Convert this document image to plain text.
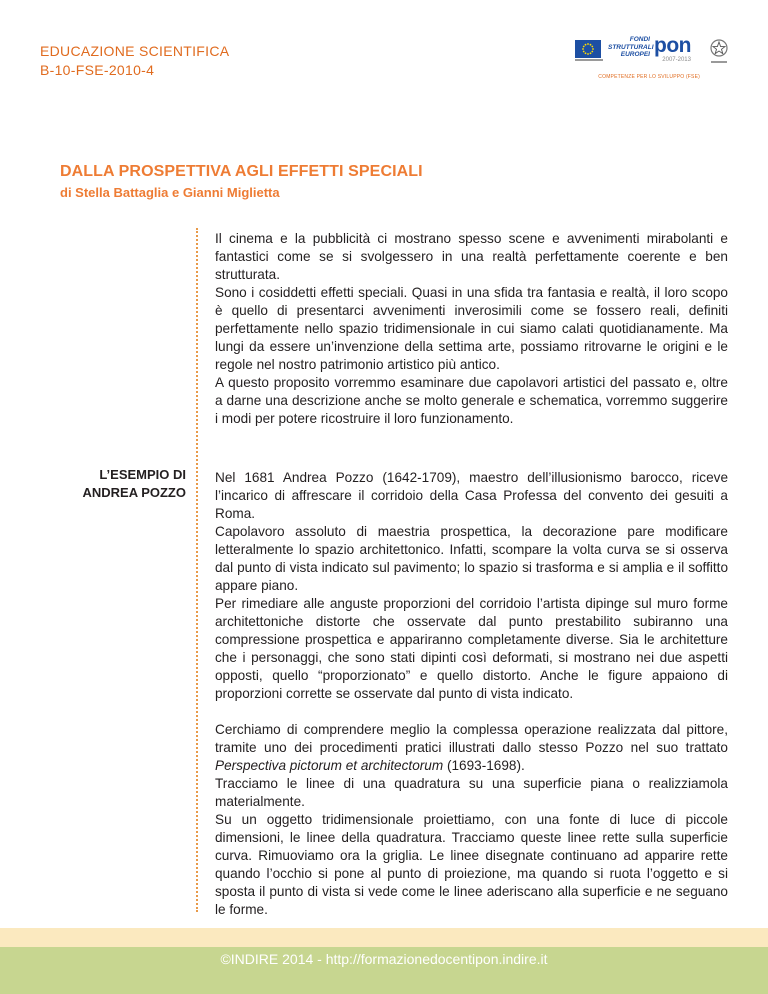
EDUCAZIONE SCIENTIFICA
B-10-FSE-2010-4
FONDI
STRUTTURALI
EUROPEI pon
2007-2013
COMPETENZE PER LO SVILUPPO (FSE)
DALLA PROSPETTIVA AGLI EFFETTI SPECIALI
di Stella Battaglia e Gianni Miglietta
L’ESEMPIO DI
ANDREA POZZO

Il cinema e la pubblicità ci mostrano spesso scene e avvenimenti mirabolanti e fantastici come se si svolgessero in una realtà perfettamente coerente e ben strutturata.

Sono i cosiddetti effetti speciali. Quasi in una sfida tra fantasia e realtà, il loro scopo è quello di presentarci avvenimenti inverosimili come se fossero reali, definiti perfettamente nello spazio tridimensionale in cui siamo calati quotidianamente. Ma lungi da essere un’invenzione della settima arte, possiamo ritrovarne le origini e le regole nel nostro patrimonio artistico più antico.

A questo proposito vorremmo esaminare due capolavori artistici del passato e, oltre a darne una descrizione anche se molto generale e schematica, vorremmo suggerire i modi per potere ricostruire il loro funzionamento.

Nel 1681 Andrea Pozzo (1642-1709), maestro dell’illusionismo barocco, riceve l’incarico di affrescare il corridoio della Casa Professa del convento dei gesuiti a Roma.

Capolavoro assoluto di maestria prospettica, la decorazione pare modificare letteralmente lo spazio architettonico. Infatti, scompare la volta curva se si osserva dal punto di vista indicato sul pavimento; lo spazio si trasforma e si amplia e il soffitto appare piano.

Per rimediare alle anguste proporzioni del corridoio l’artista dipinge sul muro forme architettoniche distorte che osservate dal punto prestabilito subiranno una compressione prospettica e appariranno completamente diverse. Sia le architetture che i personaggi, che sono stati dipinti così deformati, si mostrano nei due aspetti opposti, quello “proporzionato” e quello distorto. Anche le figure appaiono di proporzioni corrette se osservate dal punto di vista indicato.

Cerchiamo di comprendere meglio la complessa operazione realizzata dal pittore, tramite uno dei procedimenti pratici illustrati dallo stesso Pozzo nel suo trattato Perspectiva pictorum et architectorum (1693-1698).

Tracciamo le linee di una quadratura su una superficie piana o realizziamola materialmente.

Su un oggetto tridimensionale proiettiamo, con una fonte di luce di piccole dimensioni, le linee della quadratura. Tracciamo queste linee rette sulla superficie curva. Rimuoviamo ora la griglia. Le linee disegnate continuano ad apparire rette quando l’occhio si pone al punto di proiezione, ma quando si ruota l’oggetto e si sposta il punto di vista si vede come le linee aderiscano alla superficie e ne seguano le forme.

©INDIRE 2014 - http://formazionedocentipon.indire.it
